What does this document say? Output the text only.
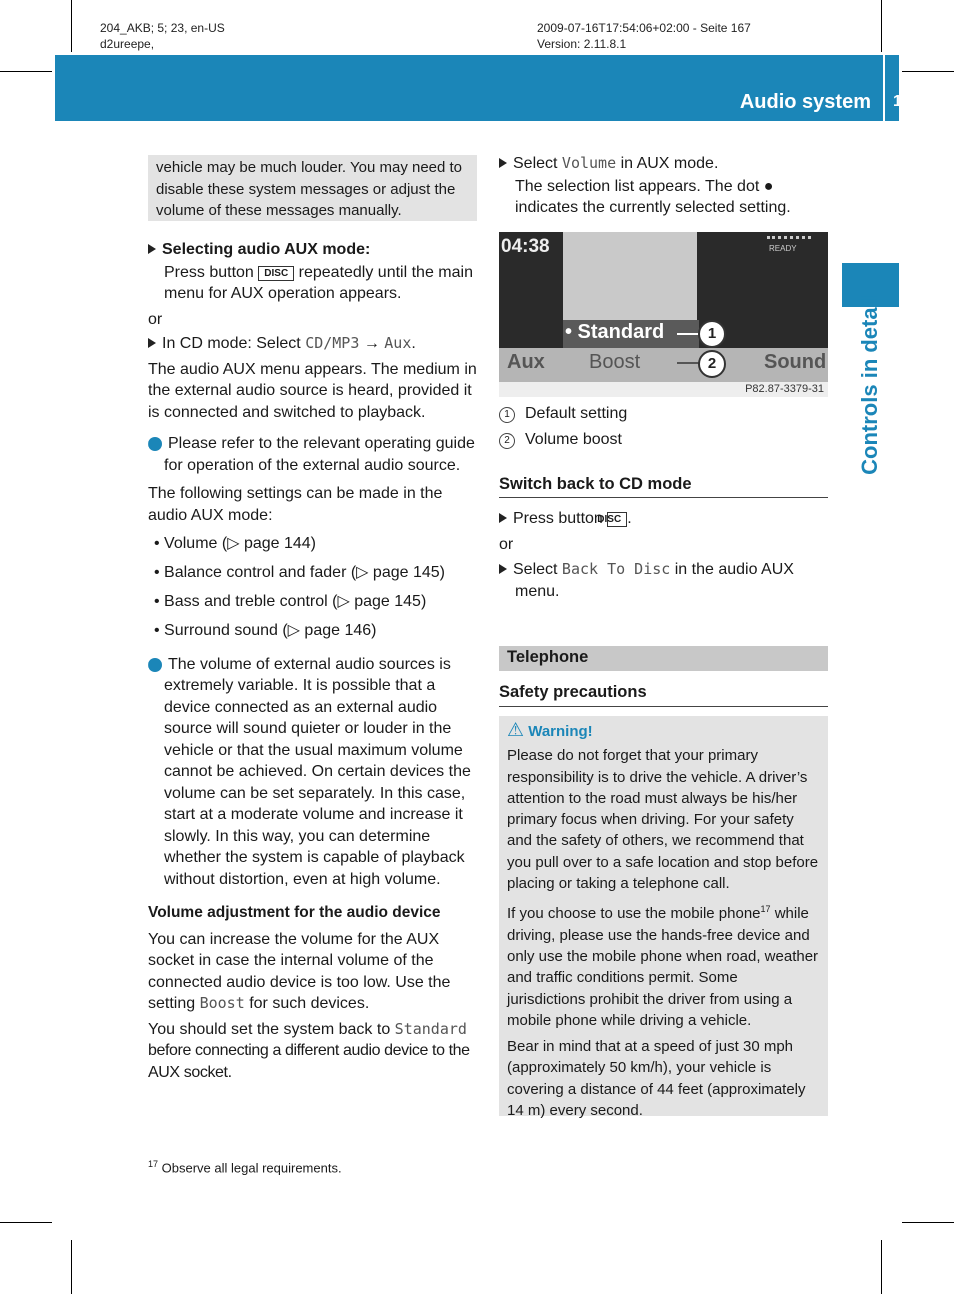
204_AKB; 5; 23, en-US
d2ureepe,
2009-07-16T17:54:06+02:00 - Seite 167
Version: 2.11.8.1
Audio system 167
Controls in detail

vehicle may be much louder. You may need to disable these system messages or adjust the volume of these messages manually.

Selecting audio AUX mode:

Press button DISC repeatedly until the main menu for AUX operation appears.

or

In CD mode: Select CD/MP3 → Aux.

The audio AUX menu appears. The medium in the external audio source is heard, provided it is connected and switched to playback.

i Please refer to the relevant operating guide for operation of the external audio source.

The following settings can be made in the audio AUX mode:

• Volume (▷ page 144)

• Balance control and fader (▷ page 145)

• Bass and treble control (▷ page 145)

• Surround sound (▷ page 146)

i The volume of external audio sources is extremely variable. It is possible that a device connected as an external audio source will sound quieter or louder in the vehicle or that the usual maximum volume cannot be achieved. On certain devices the volume can be set separately. In this case, start at a moderate volume and increase it slowly. In this way, you can determine whether the system is capable of playback without distortion, even at high volume.

Volume adjustment for the audio device

You can increase the volume for the AUX socket in case the internal volume of the connected audio device is too low. Use the setting Boost for such devices.

You should set the system back to Standard before connecting a different audio device to the AUX socket.

Select Volume in AUX mode.

The selection list appears. The dot ● indicates the currently selected setting.

04:38	READY
• Standard
Boost
Aux	Sound
1
2
P82.87-3379-31

1 Default setting

2 Volume boost

Switch back to CD mode

Press button DISC .

or

Select Back To Disc in the audio AUX menu.

Telephone
Safety precautions
⚠ Warning!

Please do not forget that your primary responsibility is to drive the vehicle. A driver’s attention to the road must always be his/her primary focus when driving. For your safety and the safety of others, we recommend that you pull over to a safe location and stop before placing or taking a telephone call.

If you choose to use the mobile phone$^{17}$ while driving, please use the hands-free device and only use the mobile phone when road, weather and traffic conditions permit. Some jurisdictions prohibit the driver from using a mobile phone while driving a vehicle.

Bear in mind that at a speed of just 30 mph (approximately 50 km/h), your vehicle is covering a distance of 44 feet (approximately 14 m) every second.

$^{17}$ Observe all legal requirements.
